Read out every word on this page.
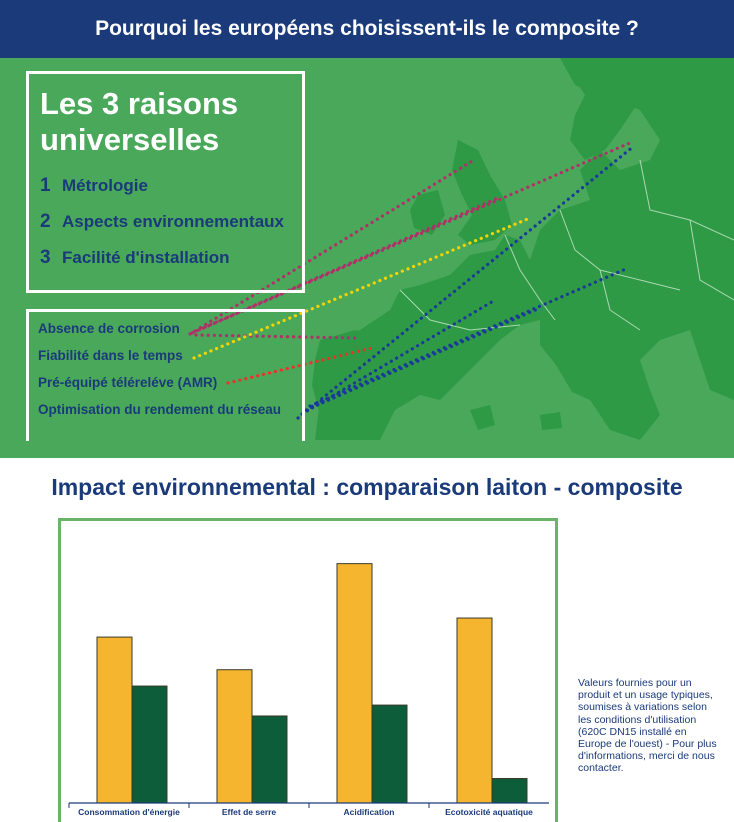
Pourquoi les européens choisissent-ils le composite ?
Les 3 raisons universelles
1 Métrologie
2 Aspects environnementaux
3 Facilité d'installation
Absence de corrosion
Fiabilité dans le temps
Pré-équipé téléreléve (AMR)
Optimisation du rendement du réseau
Impact environnemental : comparaison laiton - composite
Consommation d'énergie	Effet de serre	Acidification	Ecotoxicité aquatique
Valeurs fournies pour un produit et un usage typiques, soumises à variations selon les conditions d'utilisation (620C DN15 installé en Europe de l'ouest) - Pour plus d'informations, merci de nous contacter.
